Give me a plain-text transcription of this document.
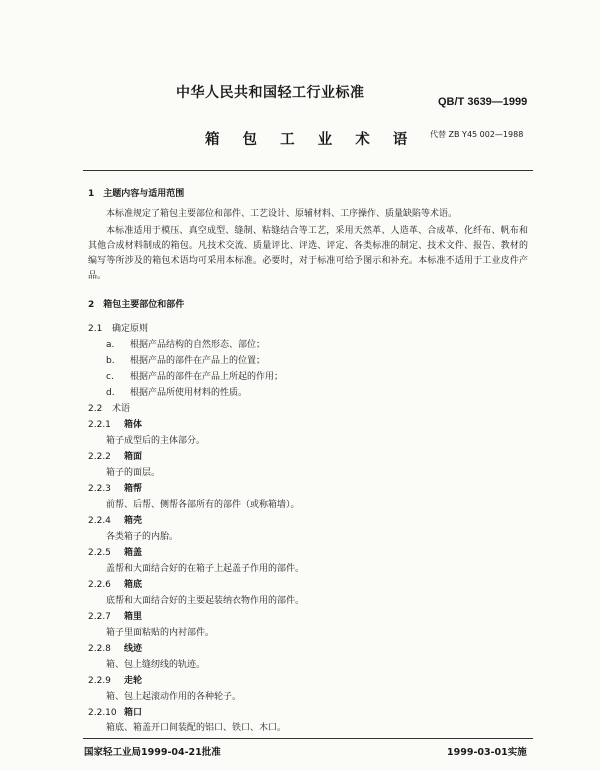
中华人民共和国轻工行业标准
QB/T 3639—1999
箱 包 工 业 术 语 代替 ZB Y45 002—1988
1　主题内容与适用范围

本标准规定了箱包主要部位和部件、工艺设计、原辅材料、工序操作、质量缺陷等术语。

本标准适用于模压、真空成型、缝制、粘缝结合等工艺，采用天然革、人造革、合成革、化纤布、帆布和其他合成材料制成的箱包。凡技术交流、质量评比、评选、评定、各类标准的制定、技术文件、报告、教材的编写等所涉及的箱包术语均可采用本标准。必要时，对于标准可给予图示和补充。本标准不适用于工业皮件产品。

2　箱包主要部位和部件
2.1 确定原则
a. 根据产品结构的自然形态、部位；
b. 根据产品的部件在产品上的位置；
c. 根据产品的部件在产品上所起的作用；
d. 根据产品所使用材料的性质。
2.2 术语
2.2.1 箱体
箱子成型后的主体部分。
2.2.2 箱面
箱子的面层。
2.2.3 箱帮
前帮、后帮、侧帮各部所有的部件（或称箱墙）。
2.2.4 箱壳
各类箱子的内胎。
2.2.5 箱盖
盖帮和大面结合好的在箱子上起盖子作用的部件。
2.2.6 箱底
底帮和大面结合好的主要起装纳衣物作用的部件。
2.2.7 箱里
箱子里面粘贴的内衬部件。
2.2.8 线迹
箱、包上缝纫线的轨迹。
2.2.9 走轮
箱、包上起滚动作用的各种轮子。
2.2.10 箱口
箱底、箱盖开口间装配的铝口、铁口、木口。
国家轻工业局1999-04-21批准	1999-03-01实施
